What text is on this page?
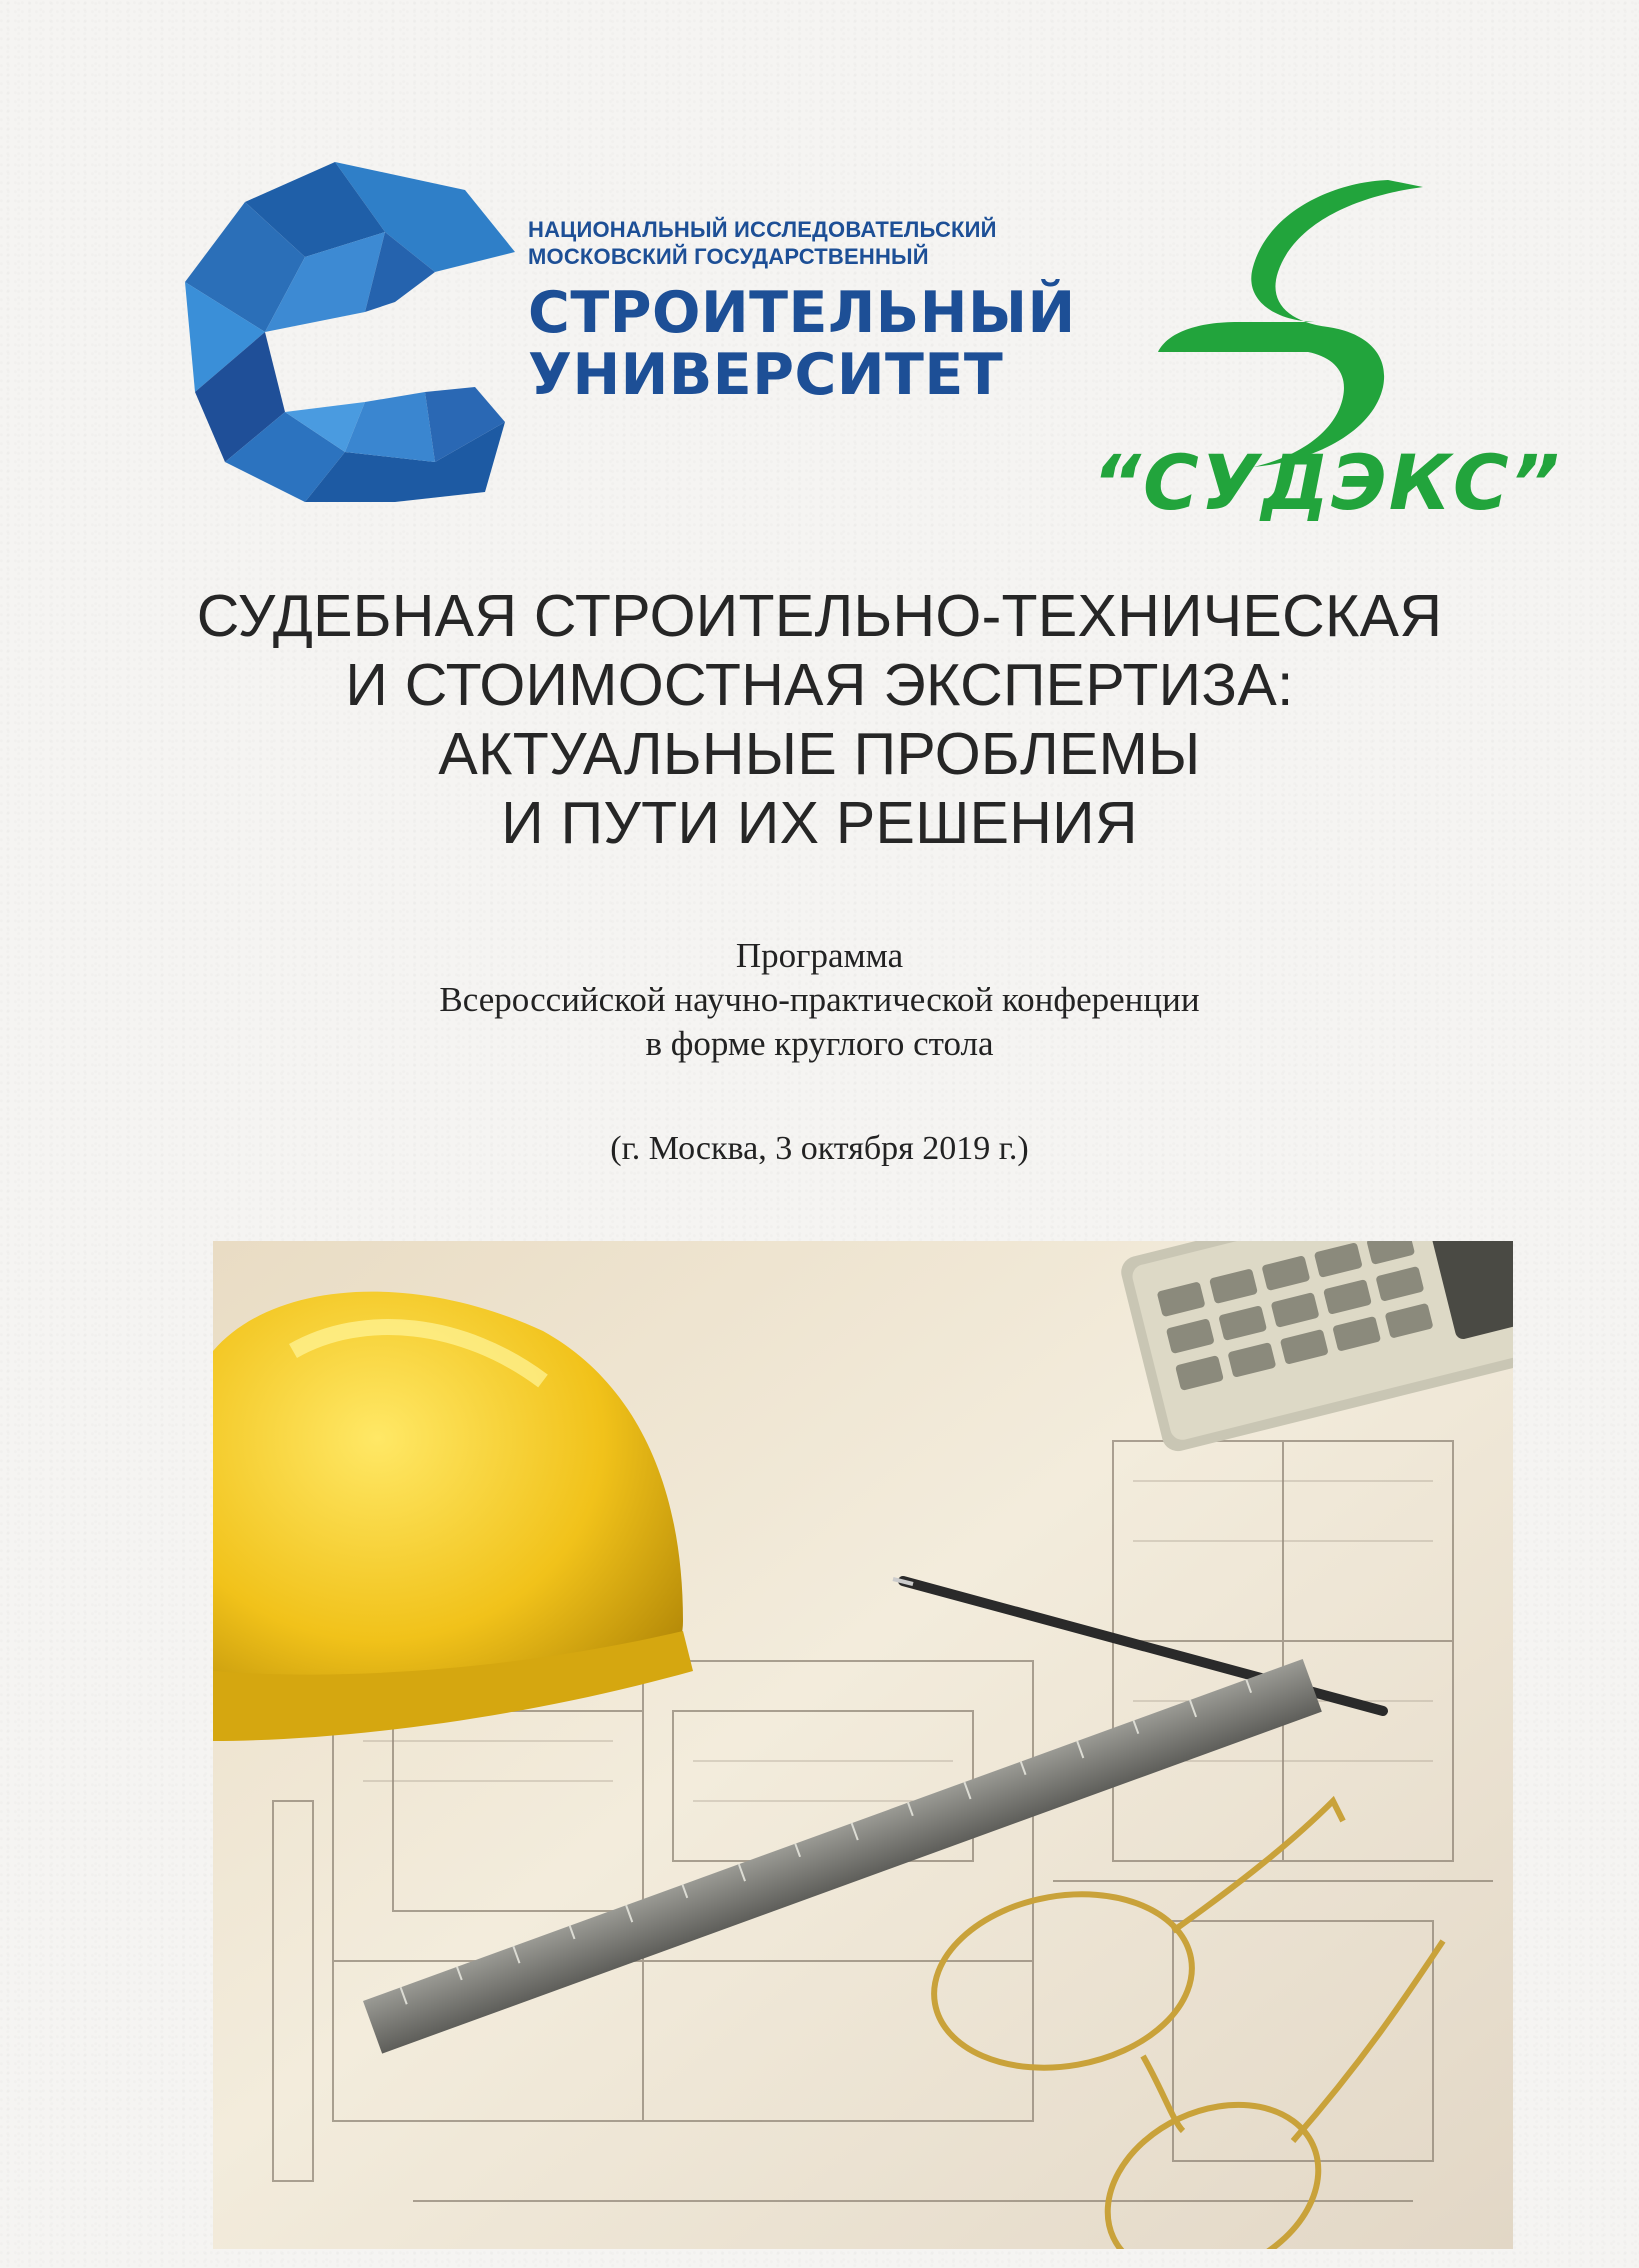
НАЦИОНАЛЬНЫЙ ИССЛЕДОВАТЕЛЬСКИЙ
МОСКОВСКИЙ ГОСУДАРСТВЕННЫЙ
СТРОИТЕЛЬНЫЙ
УНИВЕРСИТЕТ
“СУДЭКС”
СУДЕБНАЯ СТРОИТЕЛЬНО-ТЕХНИЧЕСКАЯ
И СТОИМОСТНАЯ ЭКСПЕРТИЗА:
АКТУАЛЬНЫЕ ПРОБЛЕМЫ
И ПУТИ ИХ РЕШЕНИЯ
Программа
Всероссийской научно-практической конференции
в форме круглого стола
(г. Москва, 3 октября 2019 г.)
